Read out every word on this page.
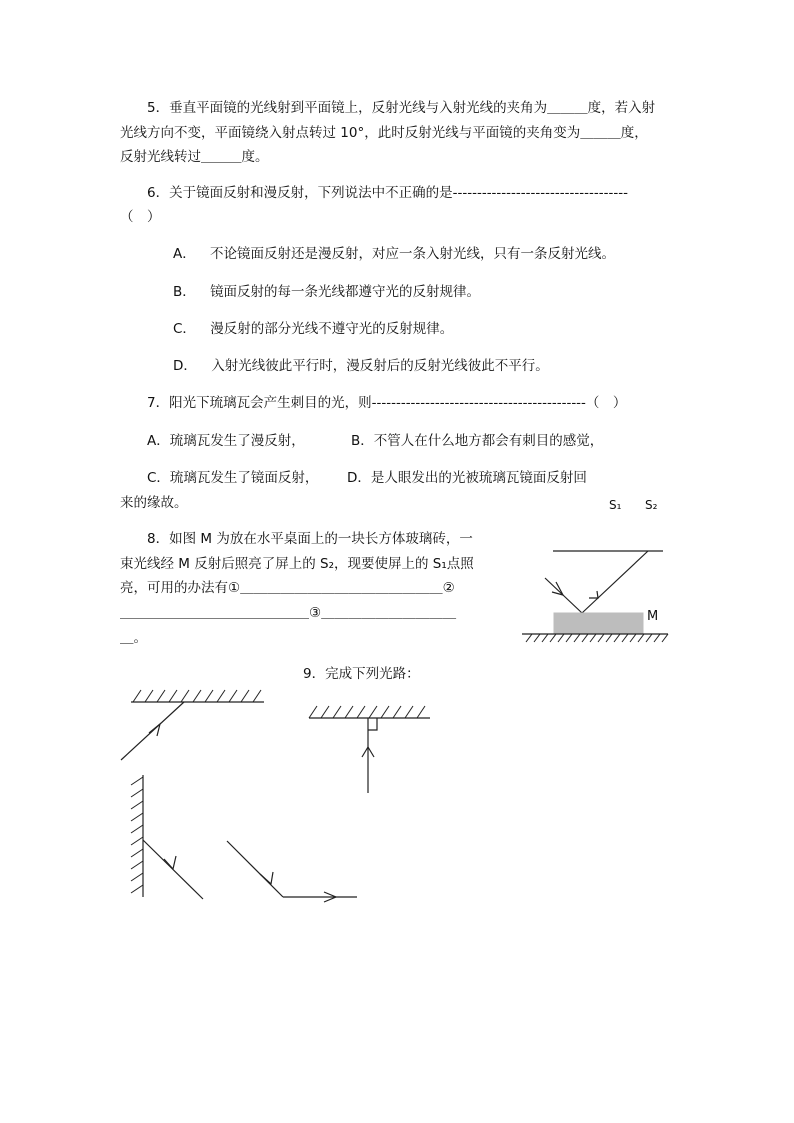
5．垂直平面镜的光线射到平面镜上，反射光线与入射光线的夹角为＿＿＿度，若入射
光线方向不变，平面镜绕入射点转过 10°，此时反射光线与平面镜的夹角变为＿＿＿度，
反射光线转过＿＿＿度。
6．关于镜面反射和漫反射，下列说法中不正确的是------------------------------------
（　）
A． 不论镜面反射还是漫反射，对应一条入射光线，只有一条反射光线。
B． 镜面反射的每一条光线都遵守光的反射规律。
C． 漫反射的部分光线不遵守光的反射规律。
D． 入射光线彼此平行时，漫反射后的反射光线彼此不平行。
7．阳光下琉璃瓦会产生刺目的光，则--------------------------------------------（　）
A．琉璃瓦发生了漫反射，	B．不管人在什么地方都会有刺目的感觉，
C．琉璃瓦发生了镜面反射， D．是人眼发出的光被琉璃瓦镜面反射回
来的缘故。
8．如图 M 为放在水平桌面上的一块长方体玻璃砖，一
束光线经 M 反射后照亮了屏上的 S₂，现要使屏上的 S₁点照
亮，可用的办法有①＿＿＿＿＿＿＿＿＿＿＿＿＿＿＿②
＿＿＿＿＿＿＿＿＿＿＿＿＿＿③＿＿＿＿＿＿＿＿＿＿
＿。
S₁ S₂
M
9．完成下列光路：
